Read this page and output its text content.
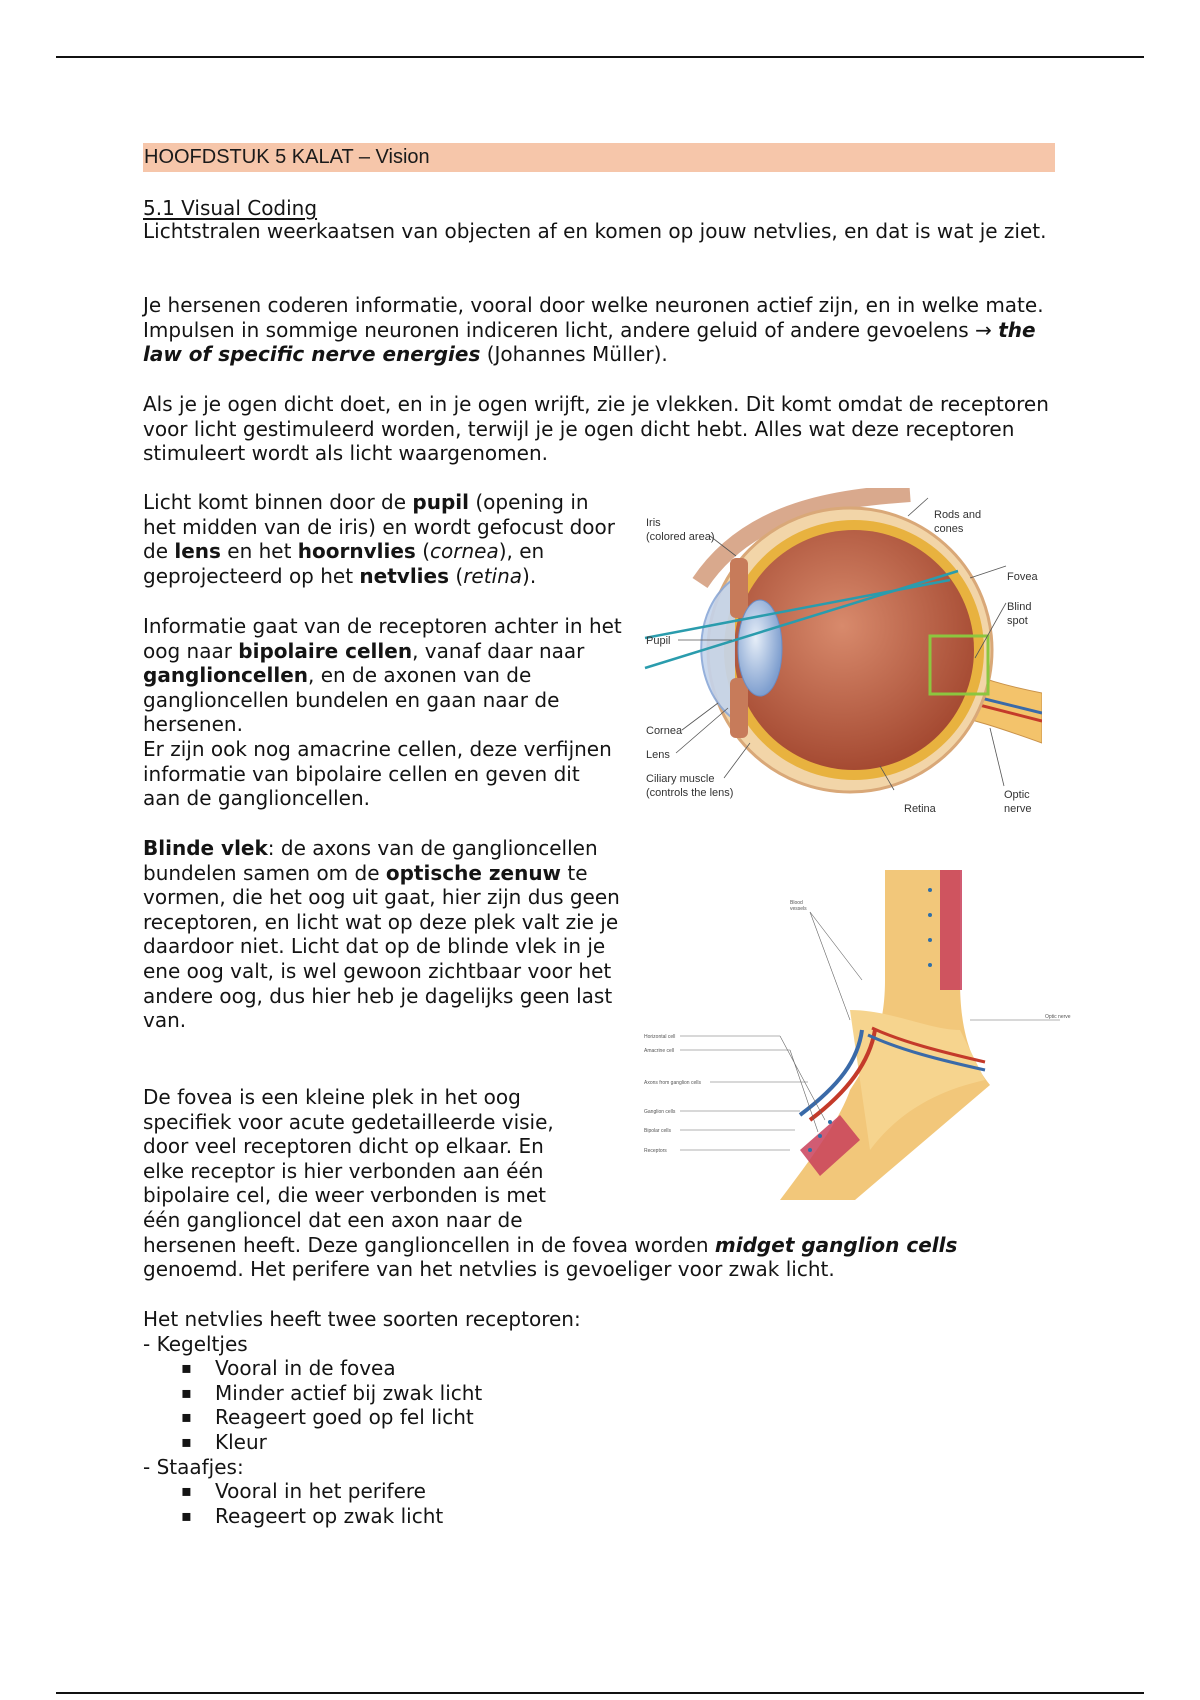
HOOFDSTUK 5 KALAT – Vision
5.1 Visual Coding

Lichtstralen weerkaatsen van objecten af en komen op jouw netvlies, en dat is wat je ziet.

Je hersenen coderen informatie, vooral door welke neuronen actief zijn, en in welke mate. Impulsen in sommige neuronen indiceren licht, andere geluid of andere gevoelens → the law of specific nerve energies (Johannes Müller).

Als je je ogen dicht doet, en in je ogen wrijft, zie je vlekken. Dit komt omdat de receptoren voor licht gestimuleerd worden, terwijl je je ogen dicht hebt. Alles wat deze receptoren stimuleert wordt als licht waargenomen.

Licht komt binnen door de pupil (opening in het midden van de iris) en wordt gefocust door de lens en het hoornvlies (cornea), en geprojecteerd op het netvlies (retina).

Informatie gaat van de receptoren achter in het oog naar bipolaire cellen, vanaf daar naar ganglioncellen, en de axonen van de ganglioncellen bundelen en gaan naar de hersenen.
Er zijn ook nog amacrine cellen, deze verfijnen informatie van bipolaire cellen en geven dit aan de ganglioncellen.

Blinde vlek: de axons van de ganglioncellen bundelen samen om de optische zenuw te vormen, die het oog uit gaat, hier zijn dus geen receptoren, en licht wat op deze plek valt zie je daardoor niet. Licht dat op de blinde vlek in je ene oog valt, is wel gewoon zichtbaar voor het andere oog, dus hier heb je dagelijks geen last van.

De fovea is een kleine plek in het oog specifiek voor acute gedetailleerde visie, door veel receptoren dicht op elkaar. En elke receptor is hier verbonden aan één bipolaire cel, die weer verbonden is met één ganglioncel dat een axon naar de
hersenen heeft. Deze ganglioncellen in de fovea worden midget ganglion cells
genoemd. Het perifere van het netvlies is gevoeliger voor zwak licht.
Het netvlies heeft twee soorten receptoren:
- Kegeltjes
▪ Vooral in de fovea
▪ Minder actief bij zwak licht
▪ Reageert goed op fel licht
▪ Kleur
- Staafjes:
▪ Vooral in het perifere
▪ Reageert op zwak licht
Iris
(colored area)
Rods and
cones
Fovea
Blind
spot
Pupil
Cornea
Lens
Ciliary muscle
(controls the lens)
Retina
Optic
nerve
Blood
vessels
Optic nerve
Horizontal cell
Amacrine cell
Axons from ganglion cells
Ganglion cells
Bipolar cells
Receptors
